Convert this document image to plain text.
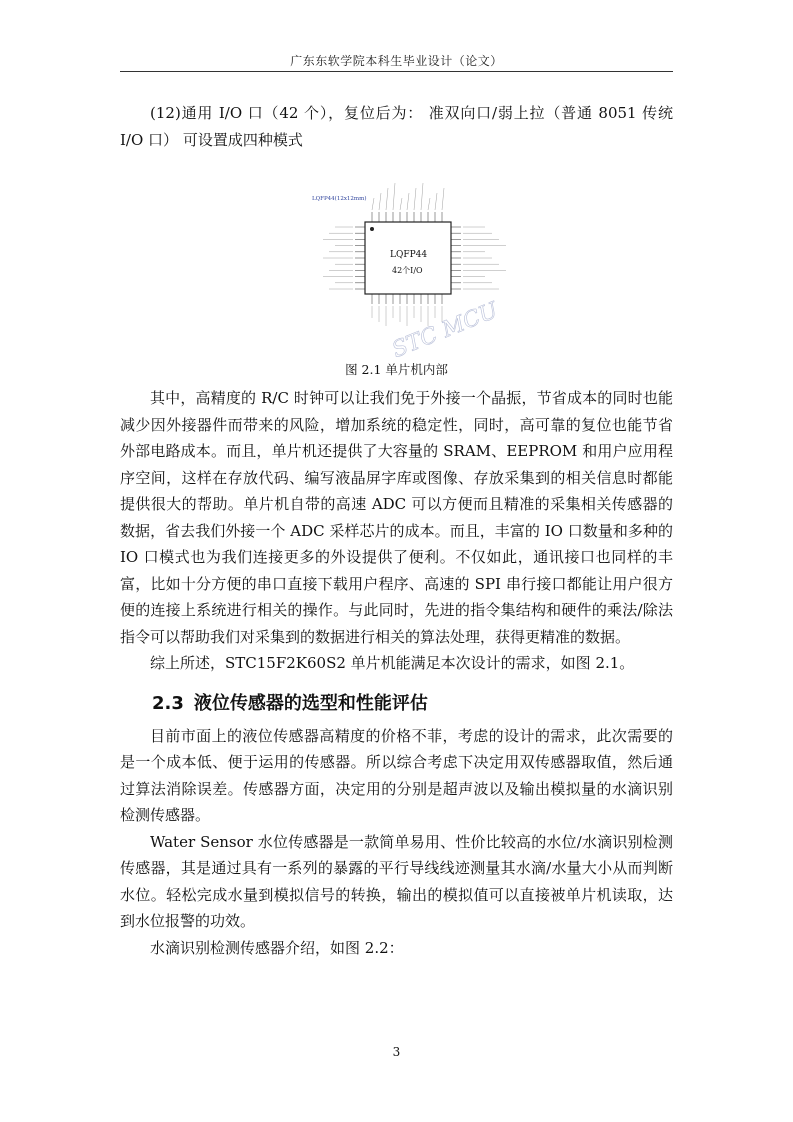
广东东软学院本科生毕业设计（论文）

(12)通用 I/O 口（42 个），复位后为： 准双向口/弱上拉（普通 8051 传统 I/O 口） 可设置成四种模式

LQFP44(12x12mm)
LQFP44
42个I/O
STC MCU
图 2.1 单片机内部

其中，高精度的 R/C 时钟可以让我们免于外接一个晶振，节省成本的同时也能减少因外接器件而带来的风险，增加系统的稳定性，同时，高可靠的复位也能节省外部电路成本。而且，单片机还提供了大容量的 SRAM、EEPROM 和用户应用程序空间，这样在存放代码、编写液晶屏字库或图像、存放采集到的相关信息时都能提供很大的帮助。单片机自带的高速 ADC 可以方便而且精准的采集相关传感器的数据，省去我们外接一个 ADC 采样芯片的成本。而且，丰富的 IO 口数量和多种的 IO 口模式也为我们连接更多的外设提供了便利。不仅如此，通讯接口也同样的丰富，比如十分方便的串口直接下载用户程序、高速的 SPI 串行接口都能让用户很方便的连接上系统进行相关的操作。与此同时，先进的指令集结构和硬件的乘法/除法指令可以帮助我们对采集到的数据进行相关的算法处理，获得更精准的数据。

综上所述，STC15F2K60S2 单片机能满足本次设计的需求，如图 2.1。

2.3 液位传感器的选型和性能评估

目前市面上的液位传感器高精度的价格不菲，考虑的设计的需求，此次需要的是一个成本低、便于运用的传感器。所以综合考虑下决定用双传感器取值，然后通过算法消除误差。传感器方面，决定用的分别是超声波以及输出模拟量的水滴识别检测传感器。

Water Sensor 水位传感器是一款简单易用、性价比较高的水位/水滴识别检测传感器，其是通过具有一系列的暴露的平行导线线迹测量其水滴/水量大小从而判断水位。轻松完成水量到模拟信号的转换，输出的模拟值可以直接被单片机读取，达到水位报警的功效。

水滴识别检测传感器介绍，如图 2.2：

3
